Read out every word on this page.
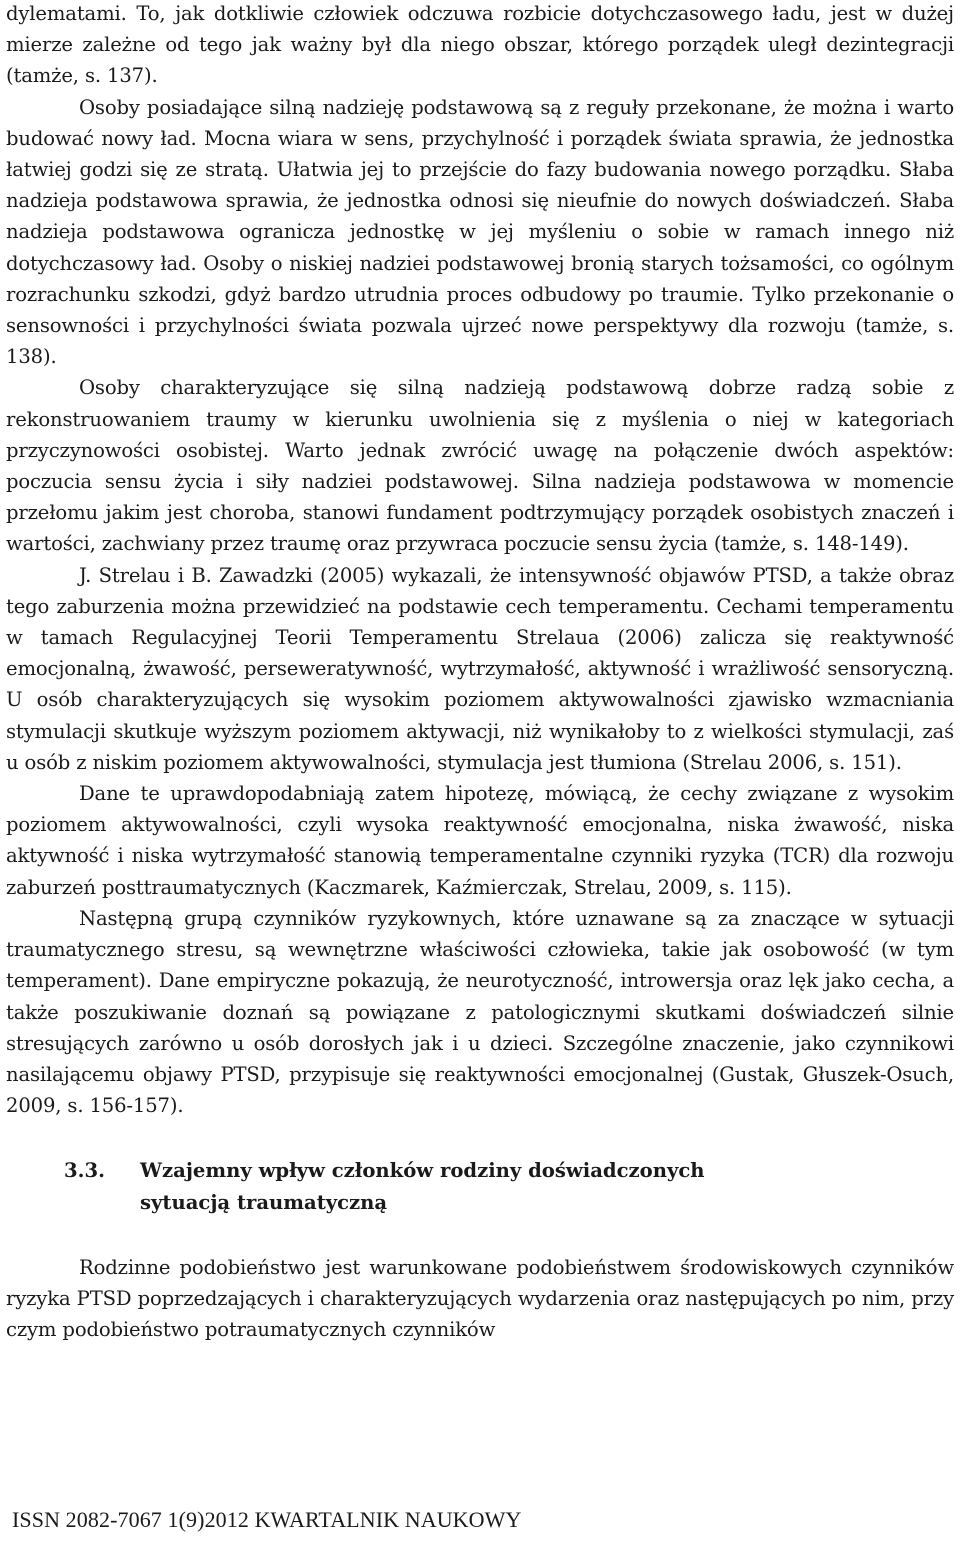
dylematami. To, jak dotkliwie człowiek odczuwa rozbicie dotychczasowego ładu, jest w dużej mierze zależne od tego jak ważny był dla niego obszar, którego porządek uległ dezintegracji (tamże, s. 137).

Osoby posiadające silną nadzieję podstawową są z reguły przekonane, że można i warto budować nowy ład. Mocna wiara w sens, przychylność i porządek świata sprawia, że jednostka łatwiej godzi się ze stratą. Ułatwia jej to przejście do fazy budowania nowego porządku. Słaba nadzieja podstawowa sprawia, że jednostka odnosi się nieufnie do nowych doświadczeń. Słaba nadzieja podstawowa ogranicza jednostkę w jej myśleniu o sobie w ramach innego niż dotychczasowy ład. Osoby o niskiej nadziei podstawowej bronią starych tożsamości, co ogólnym rozrachunku szkodzi, gdyż bardzo utrudnia proces odbudowy po traumie. Tylko przekonanie o sensowności i przychylności świata pozwala ujrzeć nowe perspektywy dla rozwoju (tamże, s. 138).

Osoby charakteryzujące się silną nadzieją podstawową dobrze radzą sobie z rekonstruowaniem traumy w kierunku uwolnienia się z myślenia o niej w kategoriach przyczynowości osobistej. Warto jednak zwrócić uwagę na połączenie dwóch aspektów: poczucia sensu życia i siły nadziei podstawowej. Silna nadzieja podstawowa w momencie przełomu jakim jest choroba, stanowi fundament podtrzymujący porządek osobistych znaczeń i wartości, zachwiany przez traumę oraz przywraca poczucie sensu życia (tamże, s. 148-149).

J. Strelau i B. Zawadzki (2005) wykazali, że intensywność objawów PTSD, a także obraz tego zaburzenia można przewidzieć na podstawie cech temperamentu. Cechami temperamentu w tamach Regulacyjnej Teorii Temperamentu Strelaua (2006) zalicza się reaktywność emocjonalną, żwawość, perseweratywność, wytrzymałość, aktywność i wrażliwość sensoryczną. U osób charakteryzujących się wysokim poziomem aktywowalności zjawisko wzmacniania stymulacji skutkuje wyższym poziomem aktywacji, niż wynikałoby to z wielkości stymulacji, zaś u osób z niskim poziomem aktywowalności, stymulacja jest tłumiona (Strelau 2006, s. 151).

Dane te uprawdopodabniają zatem hipotezę, mówiącą, że cechy związane z wysokim poziomem aktywowalności, czyli wysoka reaktywność emocjonalna, niska żwawość, niska aktywność i niska wytrzymałość stanowią temperamentalne czynniki ryzyka (TCR) dla rozwoju zaburzeń posttraumatycznych (Kaczmarek, Kaźmierczak, Strelau, 2009, s. 115).

Następną grupą czynników ryzykownych, które uznawane są za znaczące w sytuacji traumatycznego stresu, są wewnętrzne właściwości człowieka, takie jak osobowość (w tym temperament). Dane empiryczne pokazują, że neurotyczność, introwersja oraz lęk jako cecha, a także poszukiwanie doznań są powiązane z patologicznymi skutkami doświadczeń silnie stresujących zarówno u osób dorosłych jak i u dzieci. Szczególne znaczenie, jako czynnikowi nasilającemu objawy PTSD, przypisuje się reaktywności emocjonalnej (Gustak, Głuszek-Osuch, 2009, s. 156-157).

3.3.	Wzajemny wpływ członków rodziny doświadczonych sytuacją traumatyczną

Rodzinne podobieństwo jest warunkowane podobieństwem środowiskowych czynników ryzyka PTSD poprzedzających i charakteryzujących wydarzenia oraz następujących po nim, przy czym podobieństwo potraumatycznych czynników

ISSN 2082-7067 1(9)2012 KWARTALNIK NAUKOWY
